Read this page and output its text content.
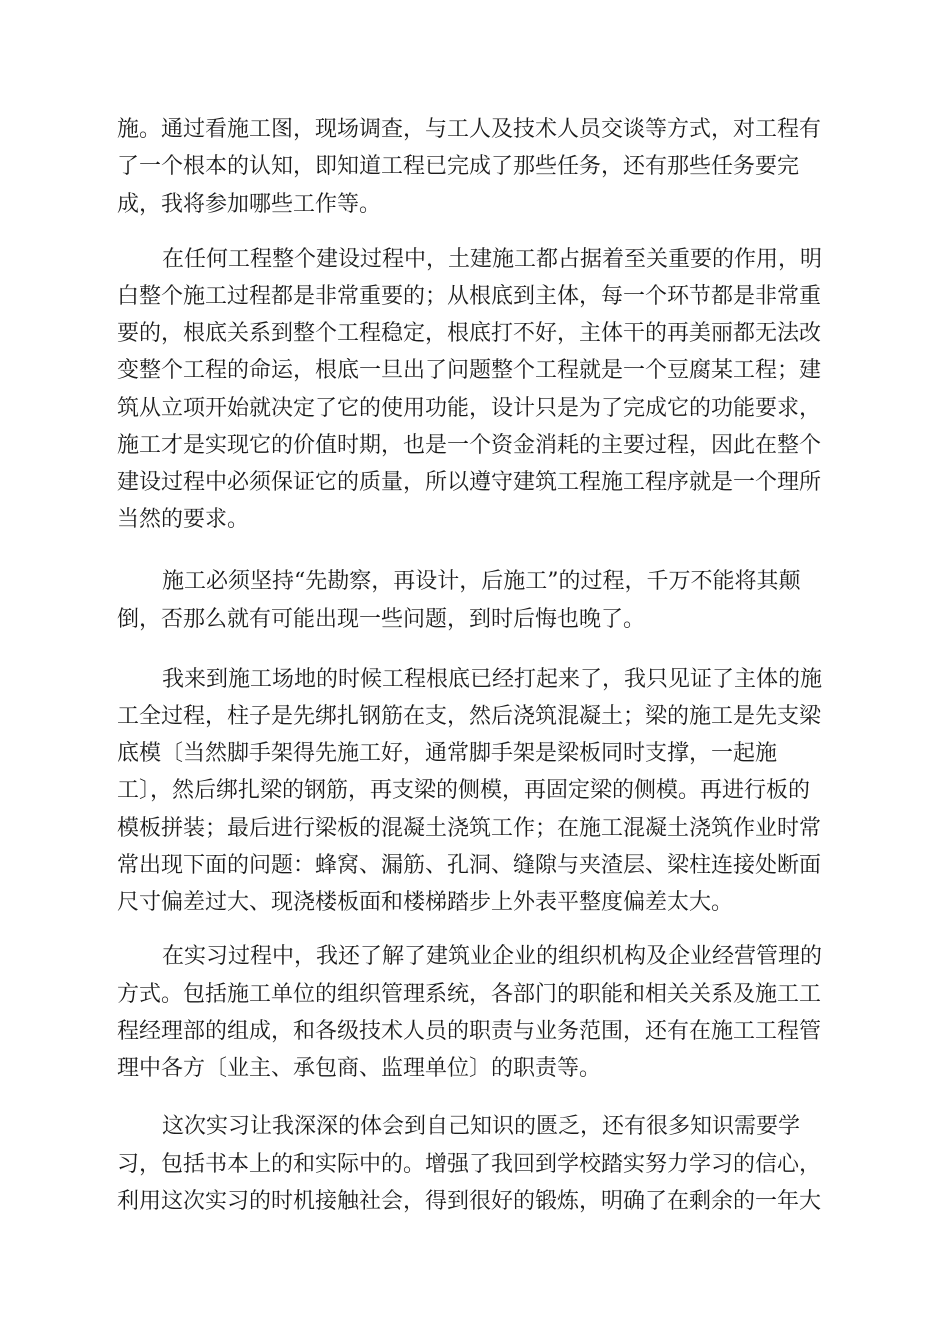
施。通过看施工图，现场调查，与工人及技术人员交谈等方式，对工程有
了一个根本的认知，即知道工程已完成了那些任务，还有那些任务要完
成，我将参加哪些工作等。
在任何工程整个建设过程中，土建施工都占据着至关重要的作用，明
白整个施工过程都是非常重要的；从根底到主体，每一个环节都是非常重
要的，根底关系到整个工程稳定，根底打不好，主体干的再美丽都无法改
变整个工程的命运，根底一旦出了问题整个工程就是一个豆腐某工程；建
筑从立项开始就决定了它的使用功能，设计只是为了完成它的功能要求，
施工才是实现它的价值时期，也是一个资金消耗的主要过程，因此在整个
建设过程中必须保证它的质量，所以遵守建筑工程施工程序就是一个理所
当然的要求。
施工必须坚持“先勘察，再设计，后施工”的过程，千万不能将其颠
倒，否那么就有可能出现一些问题，到时后悔也晚了。
我来到施工场地的时候工程根底已经打起来了，我只见证了主体的施
工全过程，柱子是先绑扎钢筋在支，然后浇筑混凝土；梁的施工是先支梁
底模〔当然脚手架得先施工好，通常脚手架是梁板同时支撑，一起施
工〕，然后绑扎梁的钢筋，再支梁的侧模，再固定梁的侧模。再进行板的
模板拼装；最后进行梁板的混凝土浇筑工作；在施工混凝土浇筑作业时常
常出现下面的问题：蜂窝、漏筋、孔洞、缝隙与夹渣层、梁柱连接处断面
尺寸偏差过大、现浇楼板面和楼梯踏步上外表平整度偏差太大。
在实习过程中，我还了解了建筑业企业的组织机构及企业经营管理的
方式。包括施工单位的组织管理系统，各部门的职能和相关关系及施工工
程经理部的组成，和各级技术人员的职责与业务范围，还有在施工工程管
理中各方〔业主、承包商、监理单位〕的职责等。
这次实习让我深深的体会到自己知识的匮乏，还有很多知识需要学
习，包括书本上的和实际中的。增强了我回到学校踏实努力学习的信心，
利用这次实习的时机接触社会，得到很好的锻炼，明确了在剩余的一年大
